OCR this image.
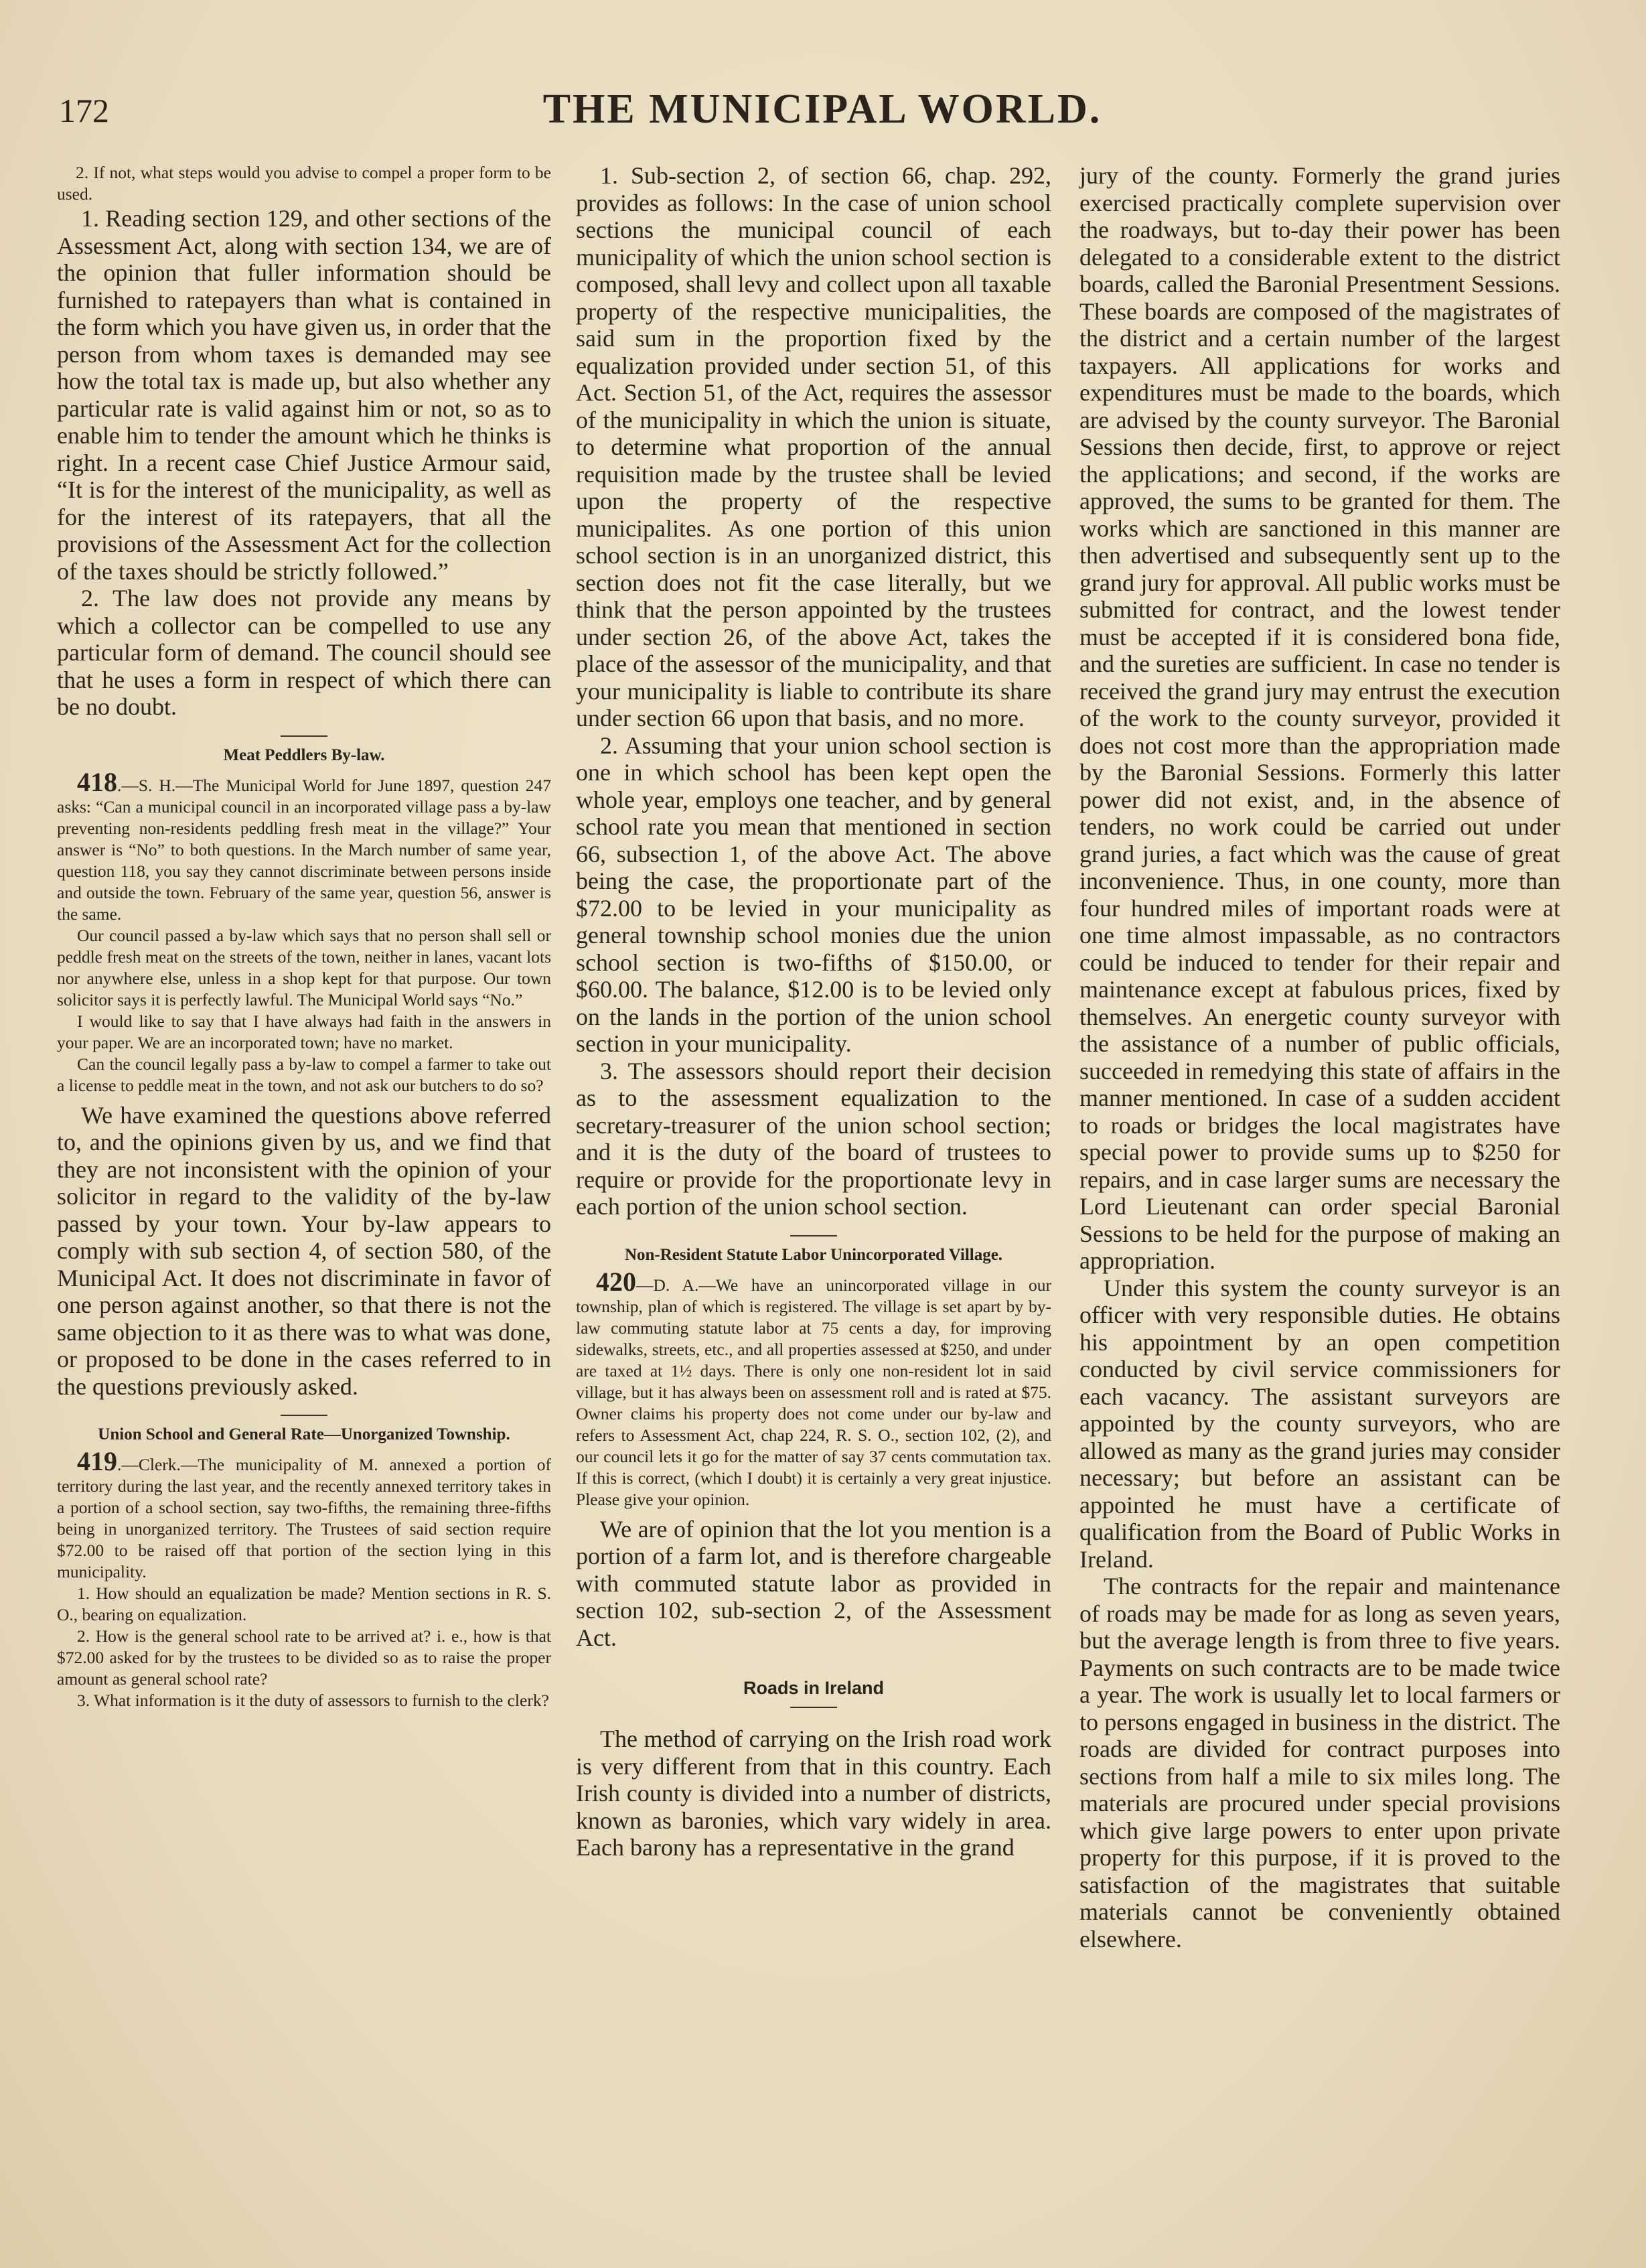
172	THE MUNICIPAL WORLD.

2. If not, what steps would you advise to compel a proper form to be used.

1. Reading section 129, and other sections of the Assessment Act, along with section 134, we are of the opinion that fuller information should be furnished to ratepayers than what is contained in the form which you have given us, in order that the person from whom taxes is demanded may see how the total tax is made up, but also whether any particular rate is valid against him or not, so as to enable him to tender the amount which he thinks is right. In a recent case Chief Justice Armour said, “It is for the interest of the municipality, as well as for the interest of its ratepayers, that all the provisions of the Assessment Act for the collection of the taxes should be strictly followed.”

2. The law does not provide any means by which a collector can be compelled to use any particular form of demand. The council should see that he uses a form in respect of which there can be no doubt.

Meat Peddlers By-law.

418.—S. H.—The Municipal World for June 1897, question 247 asks: “Can a municipal council in an incorporated village pass a by-law preventing non-residents peddling fresh meat in the village?” Your answer is “No” to both questions. In the March number of same year, question 118, you say they cannot discriminate between persons inside and outside the town. February of the same year, question 56, answer is the same.

Our council passed a by-law which says that no person shall sell or peddle fresh meat on the streets of the town, neither in lanes, vacant lots nor anywhere else, unless in a shop kept for that purpose. Our town solicitor says it is perfectly lawful. The Municipal World says “No.”

I would like to say that I have always had faith in the answers in your paper. We are an incorporated town; have no market.

Can the council legally pass a by-law to compel a farmer to take out a license to peddle meat in the town, and not ask our butchers to do so?

We have examined the questions above referred to, and the opinions given by us, and we find that they are not inconsistent with the opinion of your solicitor in regard to the validity of the by-law passed by your town. Your by-law appears to comply with sub section 4, of section 580, of the Municipal Act. It does not discriminate in favor of one person against another, so that there is not the same objection to it as there was to what was done, or proposed to be done in the cases referred to in the questions previously asked.

Union School and General Rate—Unorganized Township.

419.—Clerk.—The municipality of M. annexed a portion of territory during the last year, and the recently annexed territory takes in a portion of a school section, say two-fifths, the remaining three-fifths being in unorganized territory. The Trustees of said section require $72.00 to be raised off that portion of the section lying in this municipality.

1. How should an equalization be made? Mention sections in R. S. O., bearing on equalization.

2. How is the general school rate to be arrived at? i. e., how is that $72.00 asked for by the trustees to be divided so as to raise the proper amount as general school rate?

3. What information is it the duty of assessors to furnish to the clerk?

1. Sub-section 2, of section 66, chap. 292, provides as follows: In the case of union school sections the municipal council of each municipality of which the union school section is composed, shall levy and collect upon all taxable property of the respective municipalities, the said sum in the proportion fixed by the equalization provided under section 51, of this Act. Section 51, of the Act, requires the assessor of the municipality in which the union is situate, to determine what proportion of the annual requisition made by the trustee shall be levied upon the property of the respective municipalites. As one portion of this union school section is in an unorganized district, this section does not fit the case literally, but we think that the person appointed by the trustees under section 26, of the above Act, takes the place of the assessor of the municipality, and that your municipality is liable to contribute its share under section 66 upon that basis, and no more.

2. Assuming that your union school section is one in which school has been kept open the whole year, employs one teacher, and by general school rate you mean that mentioned in section 66, subsection 1, of the above Act. The above being the case, the proportionate part of the $72.00 to be levied in your municipality as general township school monies due the union school section is two-fifths of $150.00, or $60.00. The balance, $12.00 is to be levied only on the lands in the portion of the union school section in your municipality.

3. The assessors should report their decision as to the assessment equalization to the secretary-treasurer of the union school section; and it is the duty of the board of trustees to require or provide for the proportionate levy in each portion of the union school section.

Non-Resident Statute Labor Unincorporated Village.

420—D. A.—We have an unincorporated village in our township, plan of which is registered. The village is set apart by by-law commuting statute labor at 75 cents a day, for improving sidewalks, streets, etc., and all properties assessed at $250, and under are taxed at 1½ days. There is only one non-resident lot in said village, but it has always been on assessment roll and is rated at $75. Owner claims his property does not come under our by-law and refers to Assessment Act, chap 224, R. S. O., section 102, (2), and our council lets it go for the matter of say 37 cents commutation tax. If this is correct, (which I doubt) it is certainly a very great injustice. Please give your opinion.

We are of opinion that the lot you mention is a portion of a farm lot, and is therefore chargeable with commuted statute labor as provided in section 102, sub-section 2, of the Assessment Act.

Roads in Ireland

The method of carrying on the Irish road work is very different from that in this country. Each Irish county is divided into a number of districts, known as baronies, which vary widely in area. Each barony has a representative in the grand

jury of the county. Formerly the grand juries exercised practically complete supervision over the roadways, but to-day their power has been delegated to a considerable extent to the district boards, called the Baronial Presentment Sessions. These boards are composed of the magistrates of the district and a certain number of the largest taxpayers. All applications for works and expenditures must be made to the boards, which are advised by the county surveyor. The Baronial Sessions then decide, first, to approve or reject the applications; and second, if the works are approved, the sums to be granted for them. The works which are sanctioned in this manner are then advertised and subsequently sent up to the grand jury for approval. All public works must be submitted for contract, and the lowest tender must be accepted if it is considered bona fide, and the sureties are sufficient. In case no tender is received the grand jury may entrust the execution of the work to the county surveyor, provided it does not cost more than the appropriation made by the Baronial Sessions. Formerly this latter power did not exist, and, in the absence of tenders, no work could be carried out under grand juries, a fact which was the cause of great inconvenience. Thus, in one county, more than four hundred miles of important roads were at one time almost impassable, as no contractors could be induced to tender for their repair and maintenance except at fabulous prices, fixed by themselves. An energetic county surveyor with the assistance of a number of public officials, succeeded in remedying this state of affairs in the manner mentioned. In case of a sudden accident to roads or bridges the local magistrates have special power to provide sums up to $250 for repairs, and in case larger sums are necessary the Lord Lieutenant can order special Baronial Sessions to be held for the purpose of making an appropriation.

Under this system the county surveyor is an officer with very responsible duties. He obtains his appointment by an open competition conducted by civil service commissioners for each vacancy. The assistant surveyors are appointed by the county surveyors, who are allowed as many as the grand juries may consider necessary; but before an assistant can be appointed he must have a certificate of qualification from the Board of Public Works in Ireland.

The contracts for the repair and maintenance of roads may be made for as long as seven years, but the average length is from three to five years. Payments on such contracts are to be made twice a year. The work is usually let to local farmers or to persons engaged in business in the district. The roads are divided for contract purposes into sections from half a mile to six miles long. The materials are procured under special provisions which give large powers to enter upon private property for this purpose, if it is proved to the satisfaction of the magistrates that suitable materials cannot be conveniently obtained elsewhere.
